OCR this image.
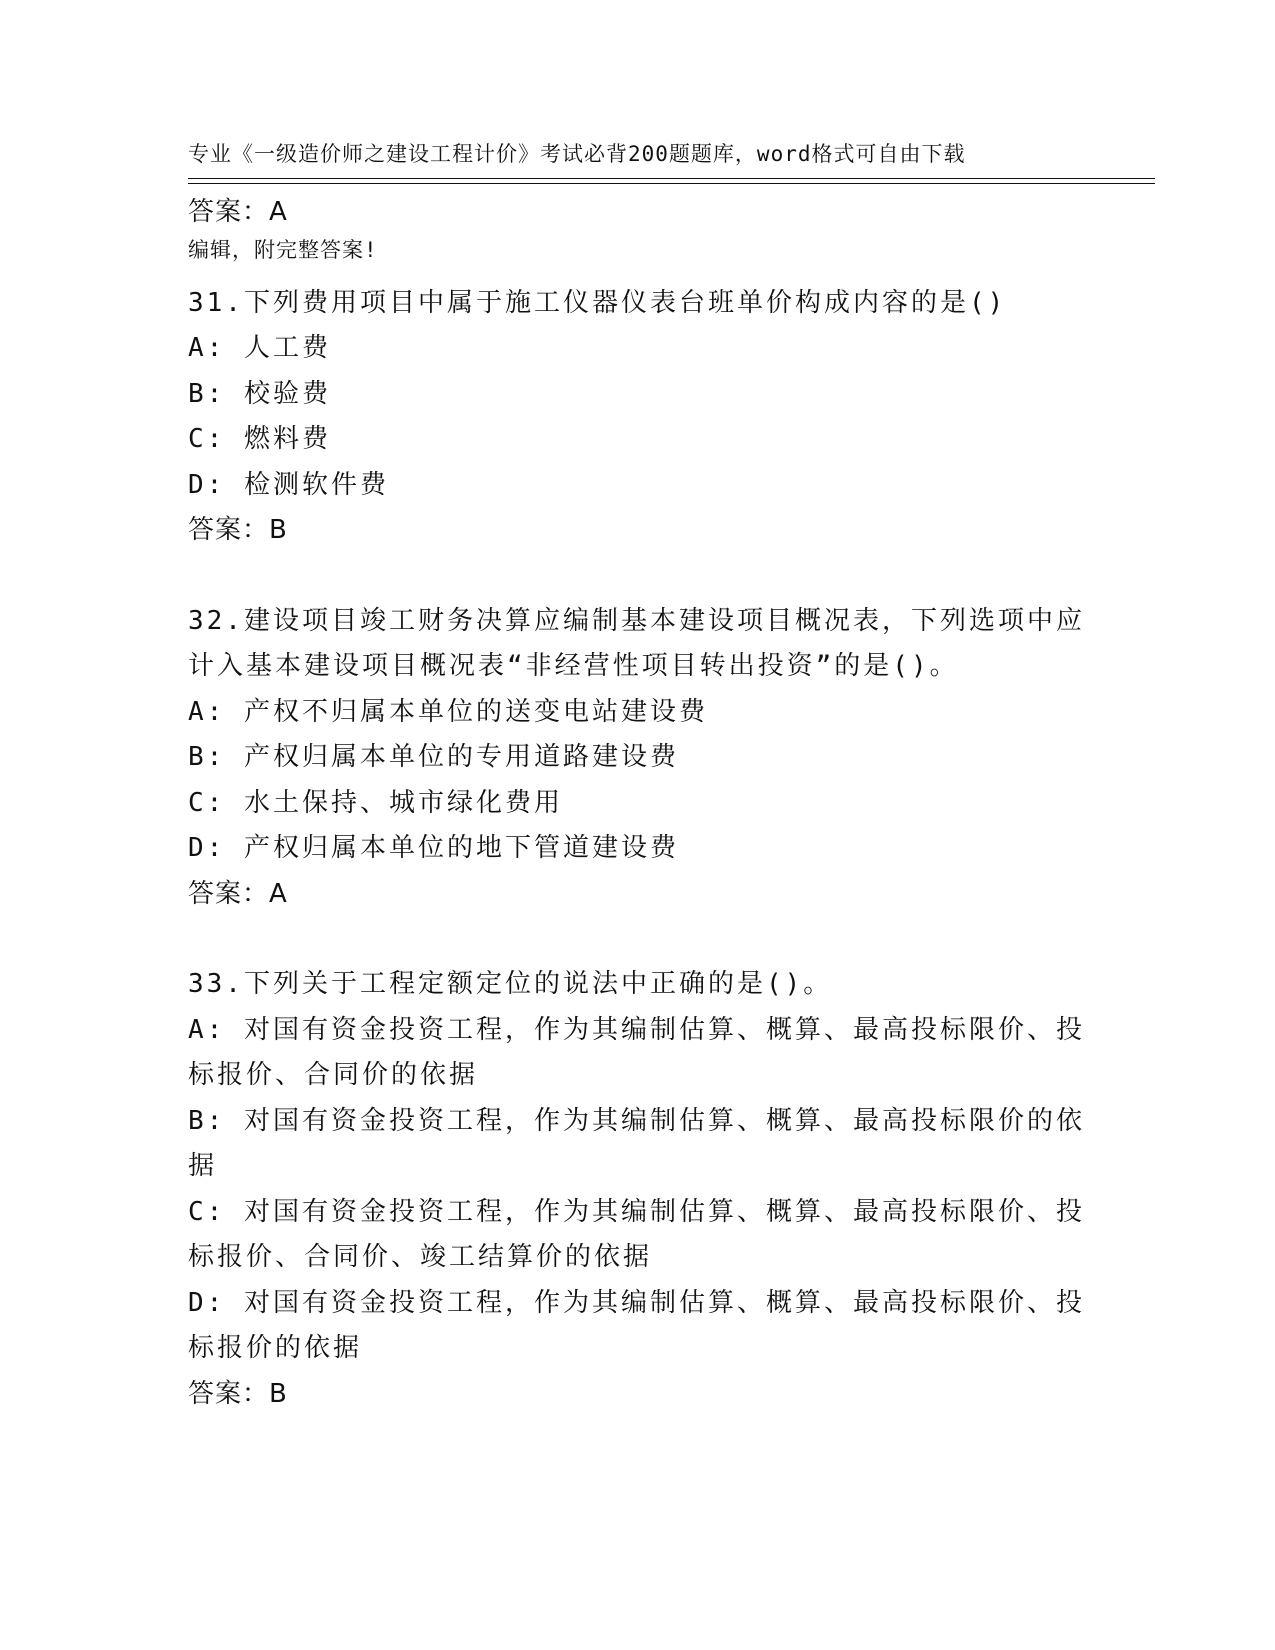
专业《一级造价师之建设工程计价》考试必背200题题库，word格式可自由下载

编辑，附完整答案!

答案：A
31.下列费用项目中属于施工仪器仪表台班单价构成内容的是()
A: 人工费
B: 校验费
C: 燃料费
D: 检测软件费
答案：B
32.建设项目竣工财务决算应编制基本建设项目概况表，下列选项中应
计入基本建设项目概况表“非经营性项目转出投资”的是()。
A: 产权不归属本单位的送变电站建设费
B: 产权归属本单位的专用道路建设费
C: 水土保持、城市绿化费用
D: 产权归属本单位的地下管道建设费
答案：A
33.下列关于工程定额定位的说法中正确的是()。
A: 对国有资金投资工程，作为其编制估算、概算、最高投标限价、投
标报价、合同价的依据
B: 对国有资金投资工程，作为其编制估算、概算、最高投标限价的依
据
C: 对国有资金投资工程，作为其编制估算、概算、最高投标限价、投
标报价、合同价、竣工结算价的依据
D: 对国有资金投资工程，作为其编制估算、概算、最高投标限价、投
标报价的依据
答案：B
